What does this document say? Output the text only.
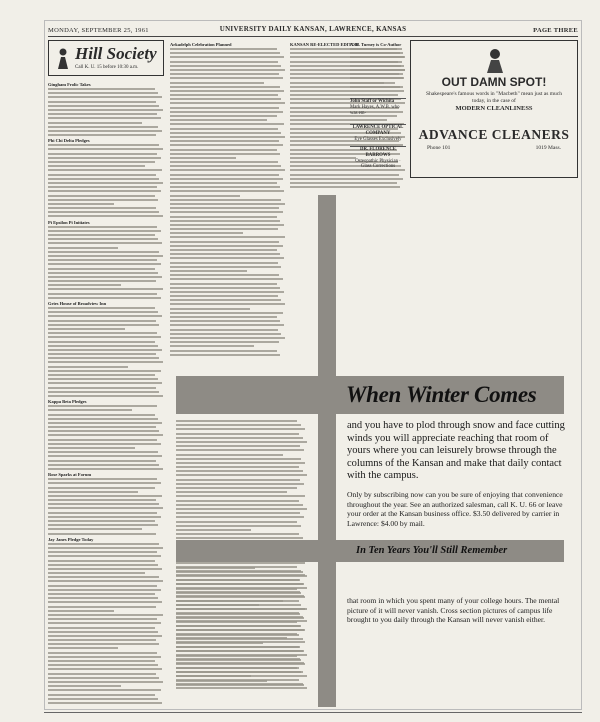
MONDAY, SEPTEMBER 25, 1961	UNIVERSITY DAILY KANSAN, LAWRENCE, KANSAS	PAGE THREE
Hill Society
Call K. U. 15 before 10:30 a.m.
Gingham Frolic Takes
Phi Chi Delta Pledges
Pi Epsilon Pi Initiates
Gries House of Broadview Inn
Kappa Beta Pledges
Rose Sparks at Forum
Jay Janes Pledge Today
Arkadelph Celebration Planned	KANSAN RE-ELECTED EDITOR
A. H. Turney is Co-Author
OUT DAMN SPOT!
Shakespeare's famous words in "Macbeth" mean just as much today, in the case of
MODERN CLEANLINESS
ADVANCE CLEANERS
Phone 101	1019 Mass.
John Staff or Wichita
Mark Hayes, A.W.B. who was em-
LAWRENCE OPTICAL COMPANY
Eye Glasses Exclusively
DR. FLORENCE BARROWS
Osteopathic Physician · Glass Corrections
When Winter Comes
and you have to plod through snow and face cutting winds you will appreciate reaching that room of yours where you can leisurely browse through the columns of the Kansan and make that daily contact with the campus.
Only by subscribing now can you be sure of enjoying that convenience throughout the year. See an authorized salesman, call K. U. 66 or leave your order at the Kansan business office. $3.50 delivered by carrier in Lawrence: $4.00 by mail.
In Ten Years You'll Still Remember
that room in which you spent many of your college hours. The mental picture of it will never vanish. Cross section pictures of campus life brought to you daily through the Kansan will never vanish either.
